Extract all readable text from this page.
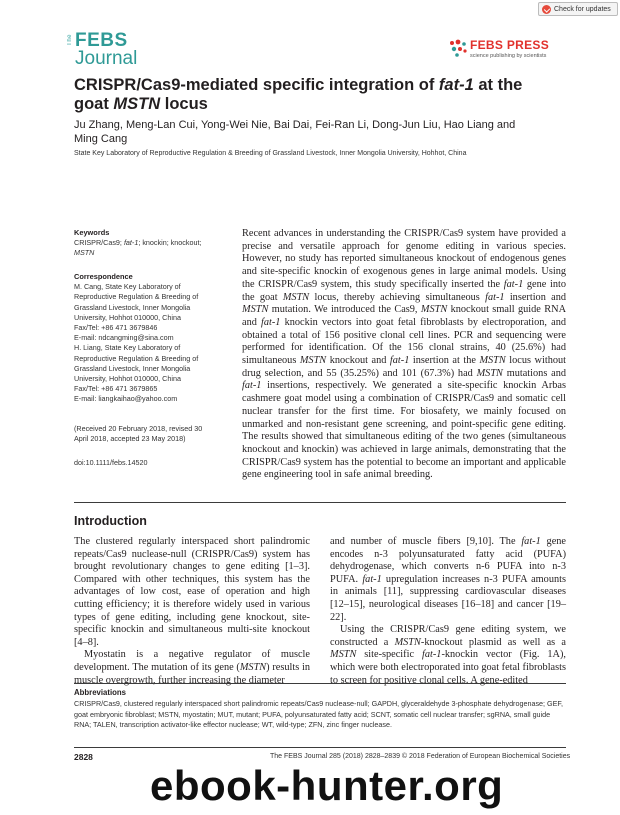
Check for updates
The FEBS
Journal
FEBS PRESS
science publishing by scientists
CRISPR/Cas9-mediated specific integration of fat-1 at the goat MSTN locus
Ju Zhang, Meng-Lan Cui, Yong-Wei Nie, Bai Dai, Fei-Ran Li, Dong-Jun Liu, Hao Liang and
Ming Cang
State Key Laboratory of Reproductive Regulation & Breeding of Grassland Livestock, Inner Mongolia University, Hohhot, China
Keywords

CRISPR/Cas9; fat-1; knockin; knockout;
MSTN

Correspondence

M. Cang, State Key Laboratory of

Reproductive Regulation & Breeding of

Grassland Livestock, Inner Mongolia

University, Hohhot 010000, China

Fax/Tel: +86 471 3679846

E-mail: ndcangming@sina.com

H. Liang, State Key Laboratory of

Reproductive Regulation & Breeding of

Grassland Livestock, Inner Mongolia

University, Hohhot 010000, China

Fax/Tel: +86 471 3679865

E-mail: liangkaihao@yahoo.com

(Received 20 February 2018, revised 30

April 2018, accepted 23 May 2018)

doi:10.1111/febs.14520

Recent advances in understanding the CRISPR/Cas9 system have provided a precise and versatile approach for genome editing in various species. However, no study has reported simultaneous knockout of endogenous genes and site-specific knockin of exogenous genes in large animal models. Using the CRISPR/Cas9 system, this study specifically inserted the fat-1 gene into the goat MSTN locus, thereby achieving simultaneous fat-1 insertion and MSTN mutation. We introduced the Cas9, MSTN knockout small guide RNA and fat-1 knockin vectors into goat fetal fibroblasts by electroporation, and obtained a total of 156 positive clonal cell lines. PCR and sequencing were performed for identification. Of the 156 clonal strains, 40 (25.6%) had simultaneous MSTN knockout and fat-1 insertion at the MSTN locus without drug selection, and 55 (35.25%) and 101 (67.3%) had MSTN mutations and fat-1 insertions, respectively. We generated a site-specific knockin Arbas cashmere goat model using a combination of CRISPR/Cas9 and somatic cell nuclear transfer for the first time. For biosafety, we mainly focused on unmarked and non-resistant gene screening, and point-specific gene editing. The results showed that simultaneous editing of the two genes (simultaneous knockout and knockin) was achieved in large animals, demonstrating that the CRISPR/Cas9 system has the potential to become an important and applicable gene engineering tool in safe animal breeding.

Introduction

The clustered regularly interspaced short palindromic repeats/Cas9 nuclease-null (CRISPR/Cas9) system has brought revolutionary changes to gene editing [1–3]. Compared with other techniques, this system has the advantages of low cost, ease of operation and high cutting efficiency; it is therefore widely used in various types of gene editing, including gene knockout, site-specific knockin and simultaneous multi-site knockout [4–8].

Myostatin is a negative regulator of muscle development. The mutation of its gene (MSTN) results in muscle overgrowth, further increasing the diameter

and number of muscle fibers [9,10]. The fat-1 gene encodes n-3 polyunsaturated fatty acid (PUFA) dehydrogenase, which converts n-6 PUFA into n-3 PUFA. fat-1 upregulation increases n-3 PUFA amounts in animals [11], suppressing cardiovascular diseases [12–15], neurological diseases [16–18] and cancer [19–22].

Using the CRISPR/Cas9 gene editing system, we constructed a MSTN-knockout plasmid as well as a MSTN site-specific fat-1-knockin vector (Fig. 1A), which were both electroporated into goat fetal fibroblasts to screen for positive clonal cells. A gene-edited

Abbreviations
CRISPR/Cas9, clustered regularly interspaced short palindromic repeats/Cas9 nuclease-null; GAPDH, glyceraldehyde 3-phosphate dehydrogenase; GEF, goat embryonic fibroblast; MSTN, myostatin; MUT, mutant; PUFA, polyunsaturated fatty acid; SCNT, somatic cell nuclear transfer; sgRNA, small guide RNA; TALEN, transcription activator-like effector nuclease; WT, wild-type; ZFN, zinc finger nuclease.
2828	The FEBS Journal 285 (2018) 2828–2839 © 2018 Federation of European Biochemical Societies
ebook-hunter.org
